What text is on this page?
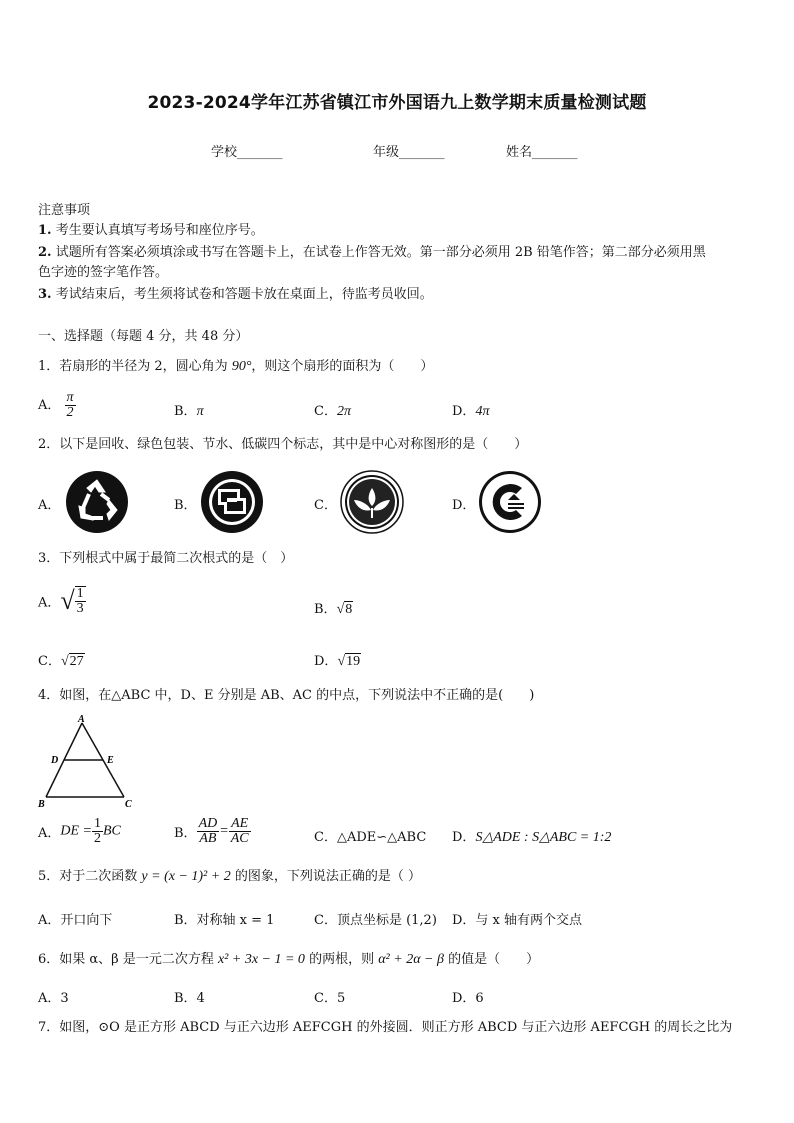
2023-2024学年江苏省镇江市外国语九上数学期末质量检测试题
学校_______	年级_______	姓名_______
注意事项
1. 考生要认真填写考场号和座位序号。
2. 试题所有答案必须填涂或书写在答题卡上，在试卷上作答无效。第一部分必须用 2B 铅笔作答；第二部分必须用黑
色字迹的签字笔作答。
3. 考试结束后，考生须将试卷和答题卡放在桌面上，待监考员收回。
一、选择题（每题 4 分，共 48 分）
1．若扇形的半径为 2，圆心角为 90°，则这个扇形的面积为（　　）
A． $\frac{\pi}{2}$	B．π	C．2π	D．4π
2．以下是回收、绿色包装、节水、低碳四个标志，其中是中心对称图形的是（　　）
A．	B．	C．	D．
3．下列根式中属于最简二次根式的是（　）
A．√ $\frac{1}{3}$	B．√8
C．√27	D．√19
4．如图，在△ABC 中，D、E 分别是 AB、AC 的中点，下列说法中不正确的是(　　)
A
D	E
B	C
A．DE = $\frac{1}{2}$ BC	B． $\frac{AD}{AB} = \frac{AE}{AC}$	C．△ADE∽△ABC D．S△ADE : S△ABC = 1:2
5．对于二次函数 y = (x − 1)² + 2 的图象，下列说法正确的是（ ）
A．开口向下	B．对称轴 x = 1	C．顶点坐标是 (1,2) D．与 x 轴有两个交点
6．如果 α、β 是一元二次方程 x² + 3x − 1 = 0 的两根，则 α² + 2α − β 的值是（　　）
A．3	B．4	C．5	D．6
7．如图，⊙O 是正方形 ABCD 与正六边形 AEFCGH 的外接圆．则正方形 ABCD 与正六边形 AEFCGH 的周长之比为
